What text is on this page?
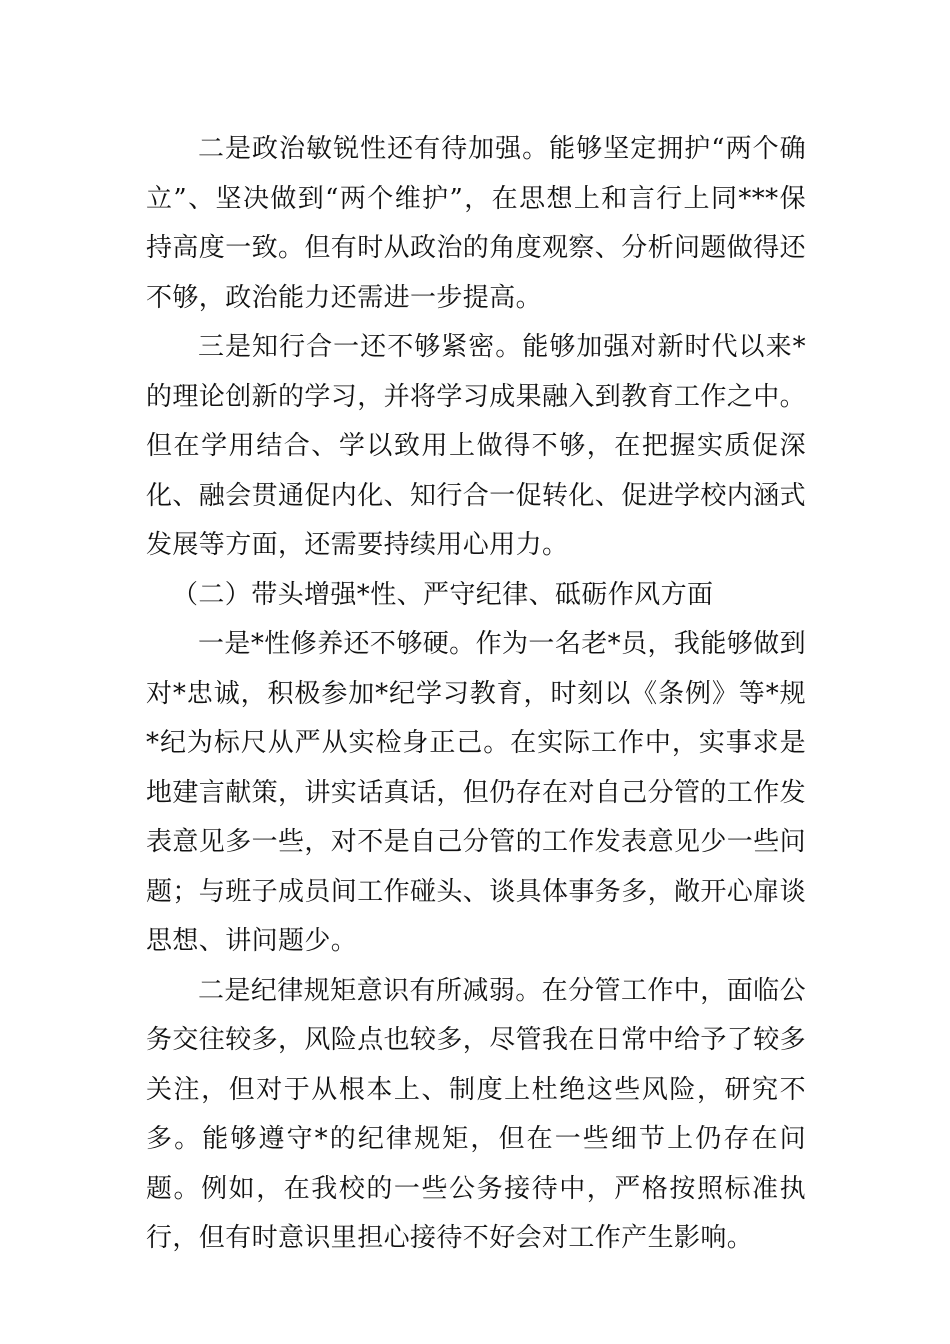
二是政治敏锐性还有待加强。能够坚定拥护“两个确立”、坚决做到“两个维护”，在思想上和言行上同***保持高度一致。但有时从政治的角度观察、分析问题做得还不够，政治能力还需进一步提高。

三是知行合一还不够紧密。能够加强对新时代以来*的理论创新的学习，并将学习成果融入到教育工作之中。但在学用结合、学以致用上做得不够，在把握实质促深化、融会贯通促内化、知行合一促转化、促进学校内涵式发展等方面，还需要持续用心用力。

（二）带头增强*性、严守纪律、砥砺作风方面

一是*性修养还不够硬。作为一名老*员，我能够做到对*忠诚，积极参加*纪学习教育，时刻以《条例》等*规*纪为标尺从严从实检身正己。在实际工作中，实事求是地建言献策，讲实话真话，但仍存在对自己分管的工作发表意见多一些，对不是自己分管的工作发表意见少一些问题；与班子成员间工作碰头、谈具体事务多，敞开心扉谈思想、讲问题少。

二是纪律规矩意识有所减弱。在分管工作中，面临公务交往较多，风险点也较多，尽管我在日常中给予了较多关注，但对于从根本上、制度上杜绝这些风险，研究不多。能够遵守*的纪律规矩，但在一些细节上仍存在问题。例如，在我校的一些公务接待中，严格按照标准执行，但有时意识里担心接待不好会对工作产生影响。
